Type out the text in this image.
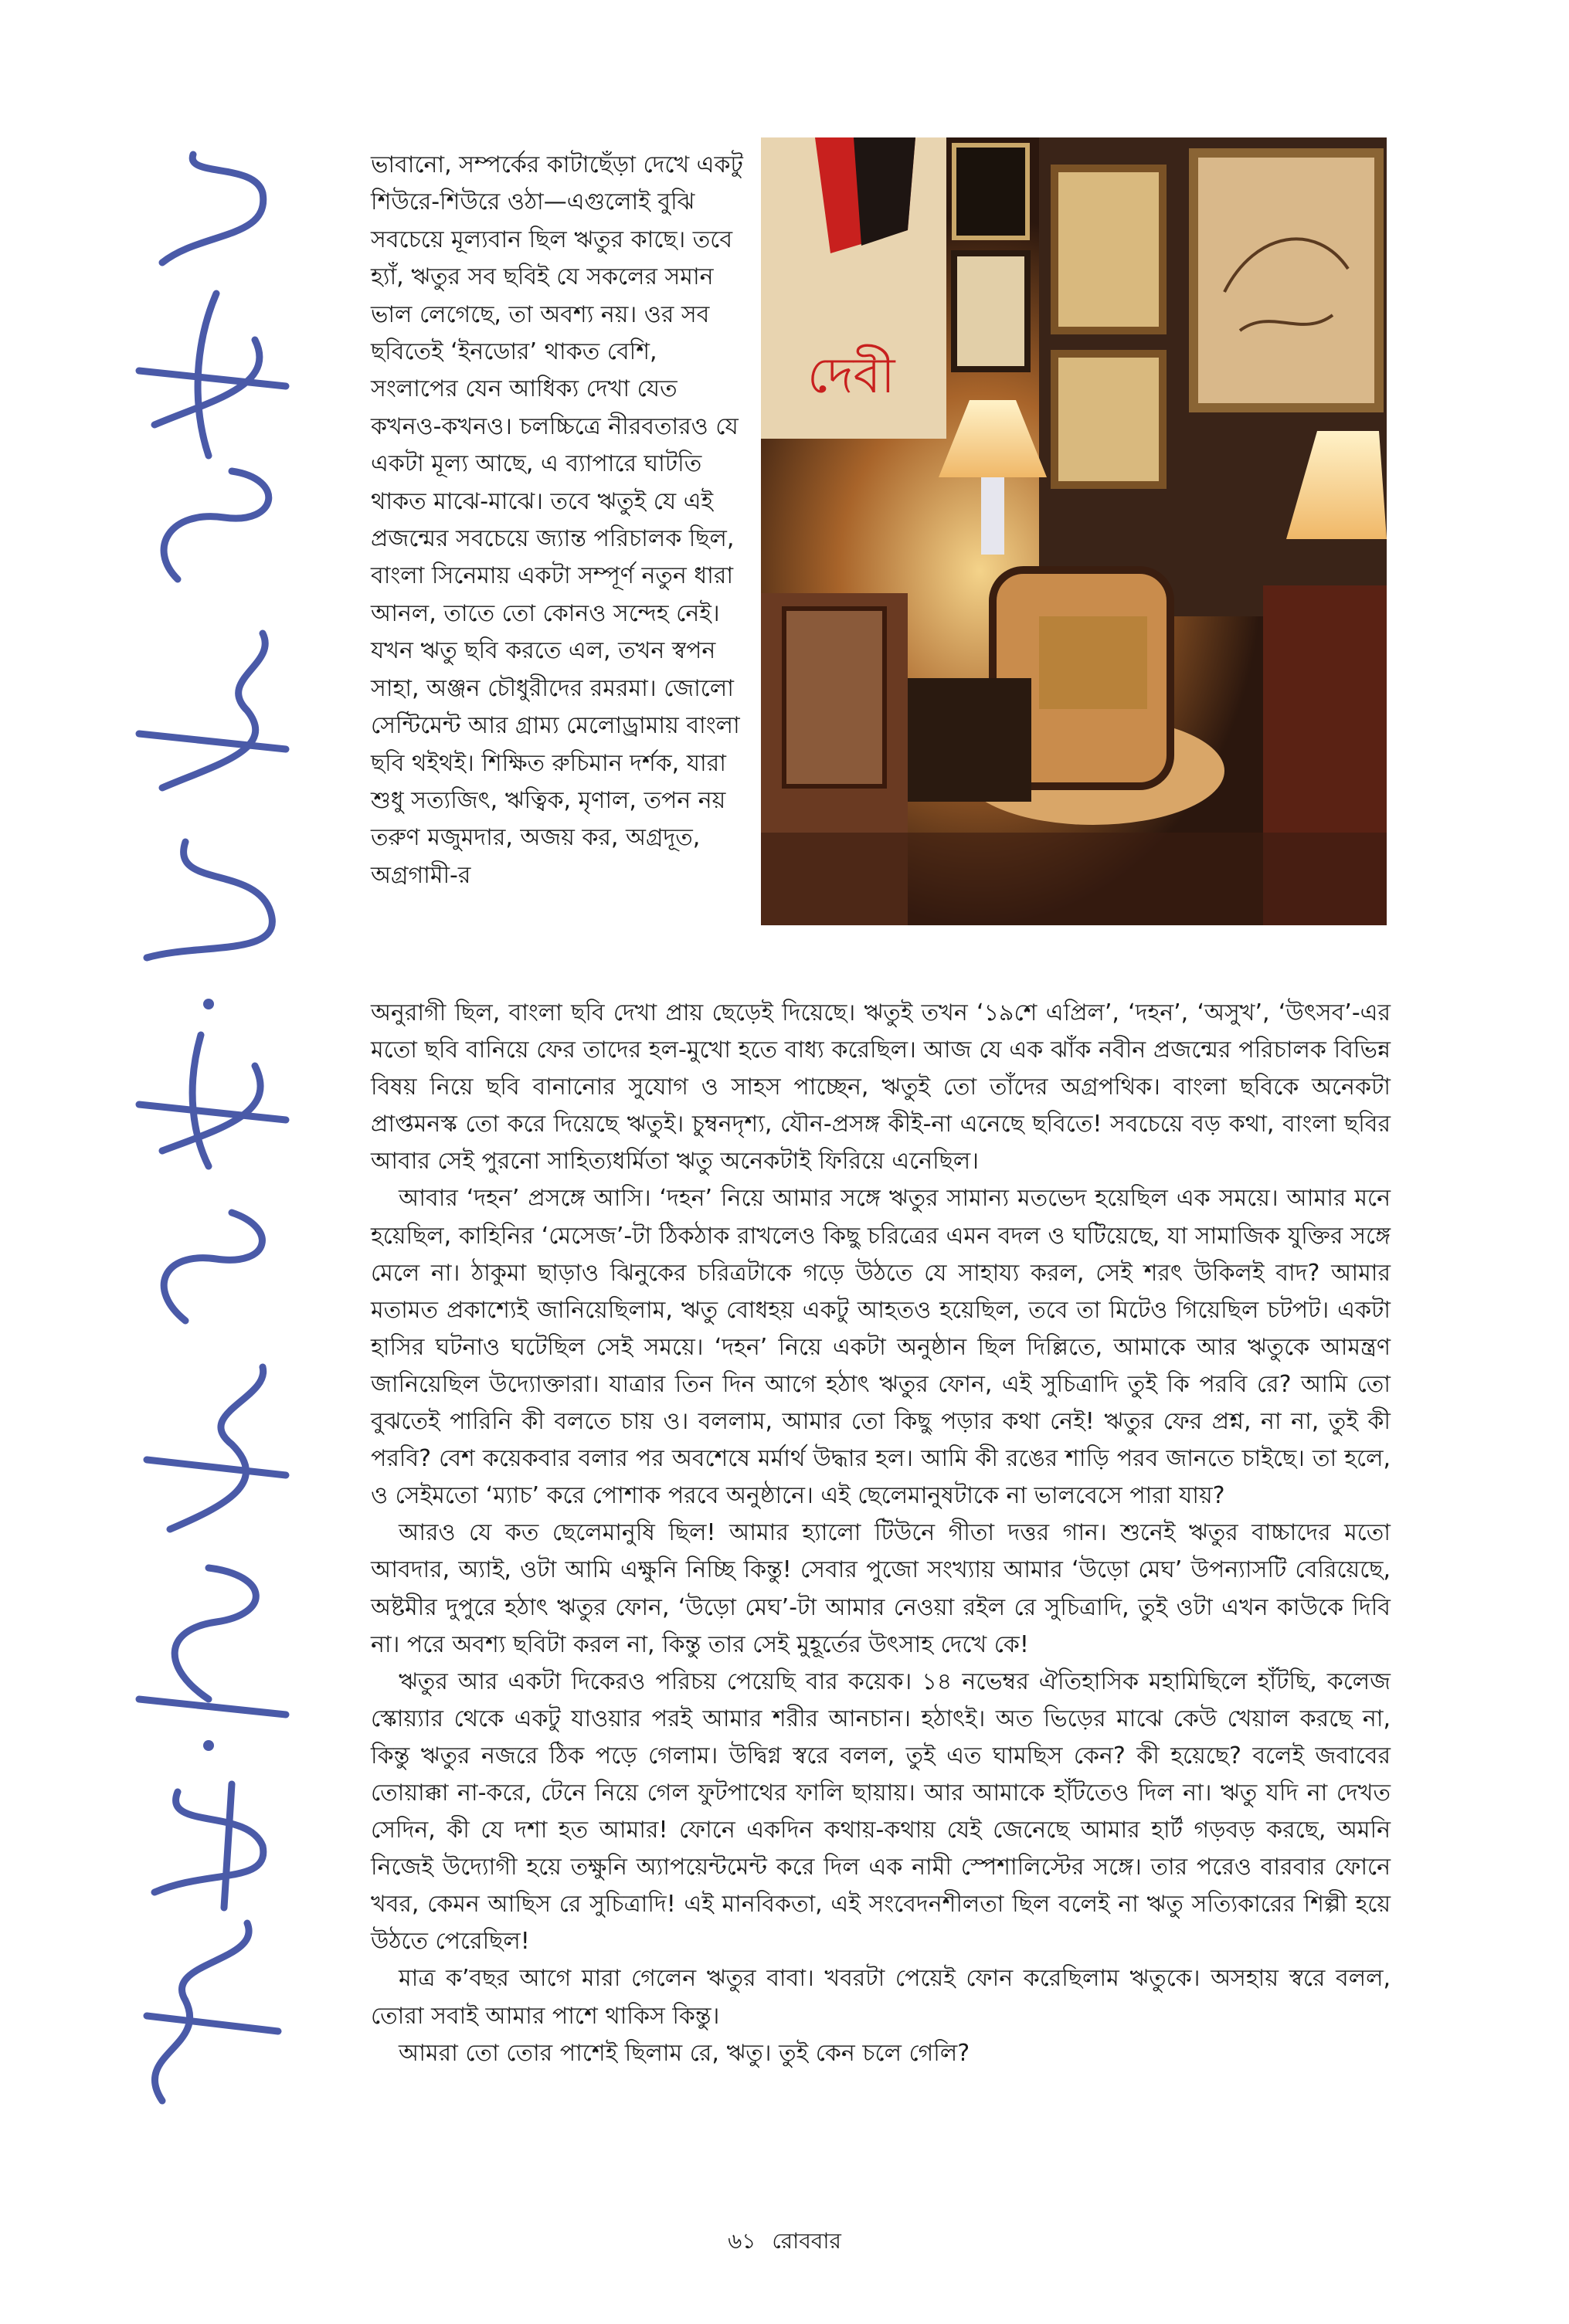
ভাবানো, সম্পর্কের কাটাছেঁড়া দেখে একটু শিউরে-শিউরে ওঠা—এগুলোই বুঝি সবচেয়ে মূল্যবান ছিল ঋতুর কাছে। তবে হ্যাঁ, ঋতুর সব ছবিই যে সকলের সমান ভাল লেগেছে, তা অবশ্য নয়। ওর সব ছবিতেই ‘ইনডোর’ থাকত বেশি, সংলাপের যেন আধিক্য দেখা যেত কখনও-কখনও। চলচ্চিত্রে নীরবতারও যে একটা মূল্য আছে, এ ব্যাপারে ঘাটতি থাকত মাঝে-মাঝে। তবে ঋতুই যে এই প্রজন্মের সবচেয়ে জ্যান্ত পরিচালক ছিল, বাংলা সিনেমায় একটা সম্পূর্ণ নতুন ধারা আনল, তাতে তো কোনও সন্দেহ নেই। যখন ঋতু ছবি করতে এল, তখন স্বপন সাহা, অঞ্জন চৌধুরীদের রমরমা। জোলো সেন্টিমেন্ট আর গ্রাম্য মেলোড্রামায় বাংলা ছবি থইথই। শিক্ষিত রুচিমান দর্শক, যারা শুধু সত্যজিৎ, ঋত্বিক, মৃণাল, তপন নয় তরুণ মজুমদার, অজয় কর, অগ্রদূত, অগ্রগামী-র

দেবী

অনুরাগী ছিল, বাংলা ছবি দেখা প্রায় ছেড়েই দিয়েছে। ঋতুই তখন ‘১৯শে এপ্রিল’, ‘দহন’, ‘অসুখ’, ‘উৎসব’-এর মতো ছবি বানিয়ে ফের তাদের হল-মুখো হতে বাধ্য করেছিল। আজ যে এক ঝাঁক নবীন প্রজন্মের পরিচালক বিভিন্ন বিষয় নিয়ে ছবি বানানোর সুযোগ ও সাহস পাচ্ছেন, ঋতুই তো তাঁদের অগ্রপথিক। বাংলা ছবিকে অনেকটা প্রাপ্তমনস্ক তো করে দিয়েছে ঋতুই। চুম্বনদৃশ্য, যৌন-প্রসঙ্গ কীই-না এনেছে ছবিতে! সবচেয়ে বড় কথা, বাংলা ছবির আবার সেই পুরনো সাহিত্যধর্মিতা ঋতু অনেকটাই ফিরিয়ে এনেছিল।

আবার ‘দহন’ প্রসঙ্গে আসি। ‘দহন’ নিয়ে আমার সঙ্গে ঋতুর সামান্য মতভেদ হয়েছিল এক সময়ে। আমার মনে হয়েছিল, কাহিনির ‘মেসেজ’-টা ঠিকঠাক রাখলেও কিছু চরিত্রের এমন বদল ও ঘটিয়েছে, যা সামাজিক যুক্তির সঙ্গে মেলে না। ঠাকুমা ছাড়াও ঝিনুকের চরিত্রটাকে গড়ে উঠতে যে সাহায্য করল, সেই শরৎ উকিলই বাদ? আমার মতামত প্রকাশ্যেই জানিয়েছিলাম, ঋতু বোধহয় একটু আহতও হয়েছিল, তবে তা মিটেও গিয়েছিল চটপট। একটা হাসির ঘটনাও ঘটেছিল সেই সময়ে। ‘দহন’ নিয়ে একটা অনুষ্ঠান ছিল দিল্লিতে, আমাকে আর ঋতুকে আমন্ত্রণ জানিয়েছিল উদ্যোক্তারা। যাত্রার তিন দিন আগে হঠাৎ ঋতুর ফোন, এই সুচিত্রাদি তুই কি পরবি রে? আমি তো বুঝতেই পারিনি কী বলতে চায় ও। বললাম, আমার তো কিছু পড়ার কথা নেই! ঋতুর ফের প্রশ্ন, না না, তুই কী পরবি? বেশ কয়েকবার বলার পর অবশেষে মর্মার্থ উদ্ধার হল। আমি কী রঙের শাড়ি পরব জানতে চাইছে। তা হলে, ও সেইমতো ‘ম্যাচ’ করে পোশাক পরবে অনুষ্ঠানে। এই ছেলেমানুষটাকে না ভালবেসে পারা যায়?

আরও যে কত ছেলেমানুষি ছিল! আমার হ্যালো টিউনে গীতা দত্তর গান। শুনেই ঋতুর বাচ্চাদের মতো আবদার, অ্যাই, ওটা আমি এক্ষুনি নিচ্ছি কিন্তু! সেবার পুজো সংখ্যায় আমার ‘উড়ো মেঘ’ উপন্যাসটি বেরিয়েছে, অষ্টমীর দুপুরে হঠাৎ ঋতুর ফোন, ‘উড়ো মেঘ’-টা আমার নেওয়া রইল রে সুচিত্রাদি, তুই ওটা এখন কাউকে দিবি না। পরে অবশ্য ছবিটা করল না, কিন্তু তার সেই মুহূর্তের উৎসাহ দেখে কে!

ঋতুর আর একটা দিকেরও পরিচয় পেয়েছি বার কয়েক। ১৪ নভেম্বর ঐতিহাসিক মহামিছিলে হাঁটছি, কলেজ স্কোয়্যার থেকে একটু যাওয়ার পরই আমার শরীর আনচান। হঠাৎই। অত ভিড়ের মাঝে কেউ খেয়াল করছে না, কিন্তু ঋতুর নজরে ঠিক পড়ে গেলাম। উদ্বিগ্ন স্বরে বলল, তুই এত ঘামছিস কেন? কী হয়েছে? বলেই জবাবের তোয়াক্কা না-করে, টেনে নিয়ে গেল ফুটপাথের ফালি ছায়ায়। আর আমাকে হাঁটতেও দিল না। ঋতু যদি না দেখত সেদিন, কী যে দশা হত আমার! ফোনে একদিন কথায়-কথায় যেই জেনেছে আমার হার্ট গড়বড় করছে, অমনি নিজেই উদ্যোগী হয়ে তক্ষুনি অ্যাপয়েন্টমেন্ট করে দিল এক নামী স্পেশালিস্টের সঙ্গে। তার পরেও বারবার ফোনে খবর, কেমন আছিস রে সুচিত্রাদি! এই মানবিকতা, এই সংবেদনশীলতা ছিল বলেই না ঋতু সত্যিকারের শিল্পী হয়ে উঠতে পেরেছিল!

মাত্র ক’বছর আগে মারা গেলেন ঋতুর বাবা। খবরটা পেয়েই ফোন করেছিলাম ঋতুকে। অসহায় স্বরে বলল, তোরা সবাই আমার পাশে থাকিস কিন্তু।

আমরা তো তোর পাশেই ছিলাম রে, ঋতু। তুই কেন চলে গেলি?

৬১ রোববার
